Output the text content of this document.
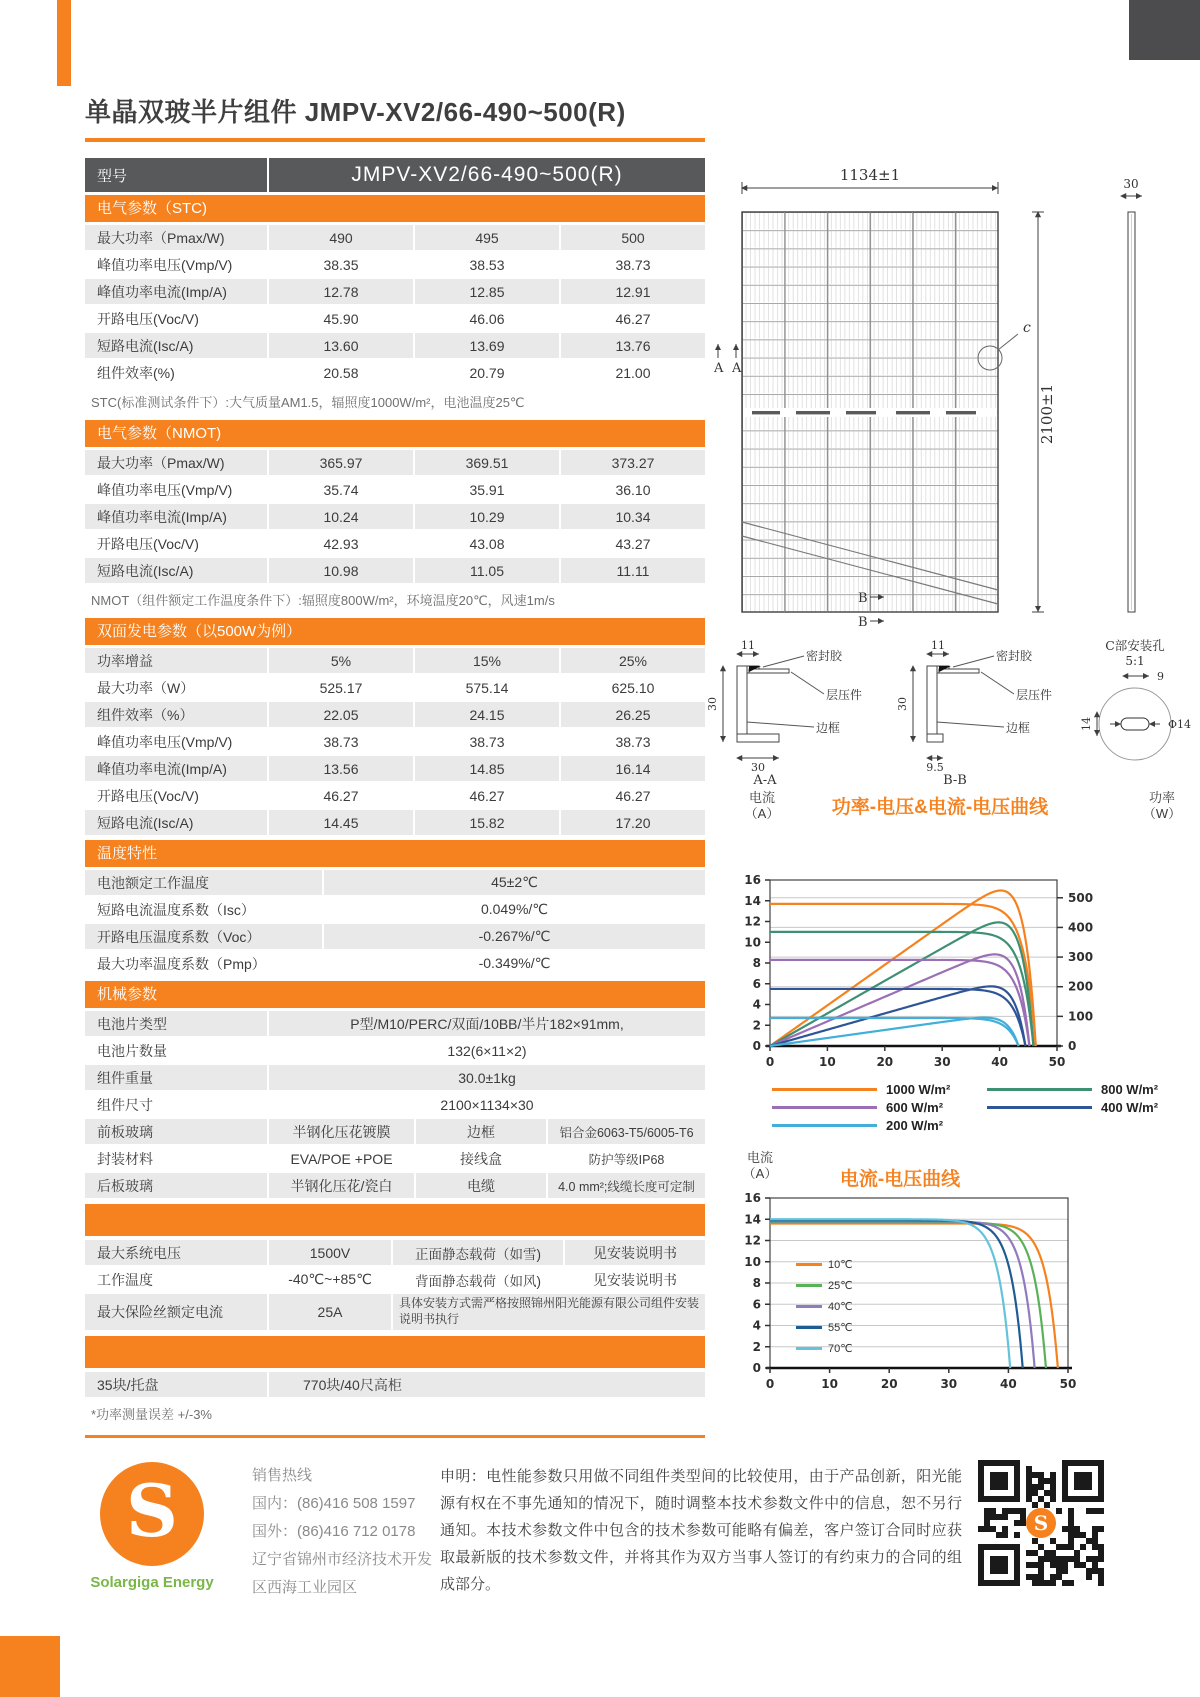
单晶双玻半片组件 JMPV-XV2/66-490~500(R)
型号	JMPV-XV2/66-490~500(R)
电气参数（STC)
最大功率（Pmax/W)	490	495	500
峰值功率电压(Vmp/V)	38.35	38.53	38.73
峰值功率电流(Imp/A)	12.78	12.85	12.91
开路电压(Voc/V)	45.90	46.06	46.27
短路电流(Isc/A)	13.60	13.69	13.76
组件效率(%)	20.58	20.79	21.00
STC(标准测试条件下）:大气质量AM1.5，辐照度1000W/m²，电池温度25℃
电气参数（NMOT)
最大功率（Pmax/W)	365.97	369.51	373.27
峰值功率电压(Vmp/V)	35.74	35.91	36.10
峰值功率电流(Imp/A)	10.24	10.29	10.34
开路电压(Voc/V)	42.93	43.08	43.27
短路电流(Isc/A)	10.98	11.05	11.11
NMOT（组件额定工作温度条件下）:辐照度800W/m²，环境温度20℃，风速1m/s
双面发电参数（以500W为例）
功率增益	5%	15%	25%
最大功率（W）	525.17	575.14	625.10
组件效率（%）	22.05	24.15	26.25
峰值功率电压(Vmp/V)	38.73	38.73	38.73
峰值功率电流(Imp/A)	13.56	14.85	16.14
开路电压(Voc/V)	46.27	46.27	46.27
短路电流(Isc/A)	14.45	15.82	17.20
温度特性
电池额定工作温度	45±2℃
短路电流温度系数（Isc）	0.049%/℃
开路电压温度系数（Voc）	-0.267%/℃
最大功率温度系数（Pmp）	-0.349%/℃
机械参数
电池片类型	P型/M10/PERC/双面/10BB/半片182×91mm,
电池片数量	132(6×11×2)
组件重量	30.0±1kg
组件尺寸	2100×1134×30
前板玻璃	半钢化压花镀膜	边框	铝合金6063-T5/6005-T6
封装材料	EVA/POE +POE	接线盒	防护等级IP68
后板玻璃	半钢化压花/瓷白	电缆	4.0 mm²;线缆长度可定制
最大系统电压	1500V	正面静态载荷（如雪)	见安装说明书
工作温度	-40℃~+85℃	背面静态载荷（如风)	见安装说明书
最大保险丝额定电流	25A
具体安装方式需严格按照锦州阳光能源有限公司组件安装说明书执行
35块/托盘	770块/40尺高柜
*功率测量误差 +/-3%
1134±1
A A
c
2100±1
30
B
B
11
30
30
密封胶
层压件
边框
A-A
11
30
9.5
密封胶
层压件
边框
B-B
C部安装孔
5:1
9
14	Φ14
电流
（A）	功率-电压&电流-电压曲线	功率
（W）
0
2
4
6
8
10
12
14
16
0	10	20	30	40	50
0
100
200
300
400
500
1000 W/m²	800 W/m²
600 W/m²	400 W/m²
200 W/m²
电流
（A）	电流-电压曲线
0
2
4
6
8
10
12
14
16
0	10	20	30	40	50
10℃
25℃
40℃
55℃
70℃
S
Solargiga Energy
销售热线
国内：(86)416 508 1597
国外：(86)416 712 0178
辽宁省锦州市经济技术开发区西海工业园区
申明：电性能参数只用做不同组件类型间的比较使用，由于产品创新，阳光能源有权在不事先通知的情况下，随时调整本技术参数文件中的信息，恕不另行通知。本技术参数文件中包含的技术参数可能略有偏差，客户签订合同时应获取最新版的技术参数文件，并将其作为双方当事人签订的有约束力的合同的组成部分。
S
